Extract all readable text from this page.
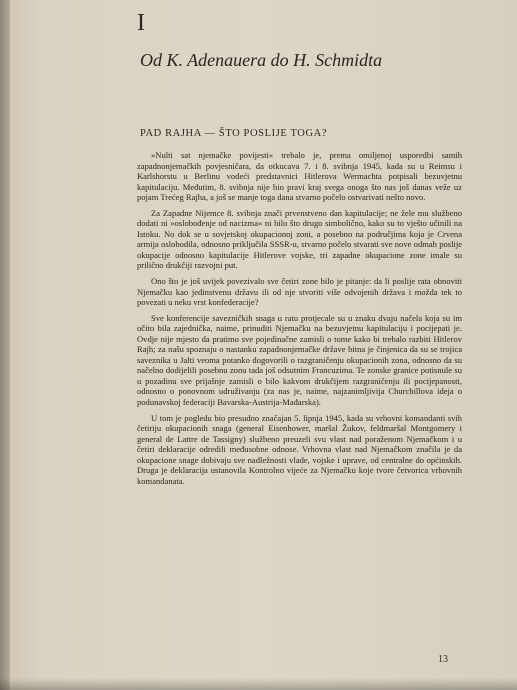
I
Od K. Adenauera do H. Schmidta
PAD RAJHA — ŠTO POSLIJE TOGA?

»Nulti sat njemačke povijesti« trebalo je, prema omiljenoj usporedbi samih zapadnonjemačkih povjesničara, da otkucava 7. i 8. svibnja 1945, kada su u Reimsu i Karlshorstu u Berlinu vodeći predstavnici Hitlerova Wermachta potpisali bezuvjetnu kapitulaciju. Međutim, 8. svibnja nije bio pravi kraj svega onoga što nas još danas veže uz pojam Trećeg Rajha, a još se manje toga dana stvarno počelo ostvarivati nešto novo.

Za Zapadne Nijemce 8. svibnja znači prvenstveno dan kapitulacije; ne žele mu službeno dodati ni »oslobođenje od nacizma« ni bilo što drugo simbolično, kako su to vješto učinili na Istoku. No dok se u sovjetskoj okupacionoj zoni, a posebno na područjima koja je Crvena armija oslobodila, odnosno priključila SSSR-u, stvarno počelo stvarati sve nove odmah poslije okupacije odnosno kapitulacije Hitlerove vojske, tri zapadne okupacione zone imale su prilično drukčiji razvojni put.

Ono što je još uvijek povezivalo sve četiri zone bilo je pitanje: da li poslije rata obnoviti Njemačku kao jedinstvenu državu ili od nje stvoriti više odvojenih država i možda tek to povezati u neku vrst konfederacije?

Sve konferencije savezničkih snaga u ratu protjecale su u znaku dvaju načela koja su im očito bila zajednička, naime, prinuditi Njemačku na bezuvjetnu kapitulaciju i pocijepati je. Ovdje nije mjesto da pratimo sve pojedinačne zamisli o tome kako bi trebalo razbiti Hitlerov Rajh; za našu spoznaju o nastanku zapadnonjemačke države bitna je činjenica da su se trojica saveznika u Jalti veoma potanko dogovorili o razgraničenju okupacionih zona, odnosno da su načelno dodijelili posebnu zonu tada još odsutnim Francuzima. Te zonske granice potisnule su u pozadinu sve prijašnje zamisli o bilo kakvom drukčijem razgraničenju ili pocijepanosti, odnosno o ponovnom udruživanju (za nas je, naime, najzanimljivija Churchillova ideja o podunavskoj federaciji Bavarska-Austrija-Mađarska).

U tom je pogledu bio presudno značajan 5. lipnja 1945, kada su vrhovni komandanti svih četiriju okupacionih snaga (general Eisenhower, maršal Žukov, feldmaršal Montgomery i general de Lattre de Tassigny) službeno preuzeli svu vlast nad poraženom Njemačkom i u četiri deklaracije odredili međusobne odnose. Vrhovna vlast nad Njemačkom značila je da okupacione snage dobivaju sve nadležnosti vlade, vojske i uprave, od centralne do općinskih. Druga je deklaracija ustanovila Kontrolno vijeće za Njemačku koje tvore četvorica vrhovnih komandanata.

13
